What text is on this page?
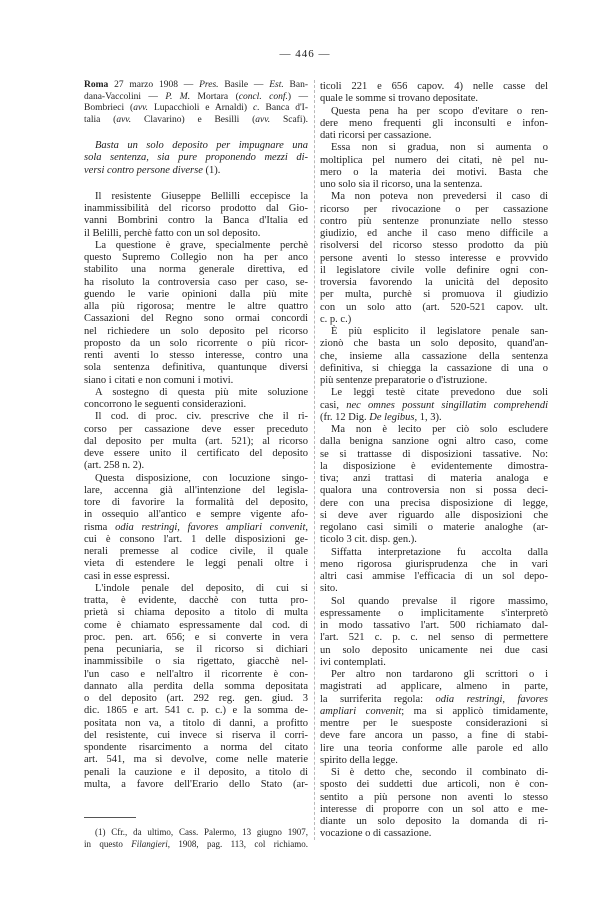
— 446 —
Roma 27 marzo 1908 — Pres. Basile — Est. Ban-
dana-Vaccolini — P. M. Mortara (concl. conf.) —
Bombrieci (avv. Lupacchioli e Arnaldi) c. Banca d'I-
talia (avv. Clavarino) e Besilli (avv. Scafi).
Basta un solo deposito per impugnare una
sola sentenza, sia pure proponendo mezzi di-
versi contro persone diverse (1).
Il resistente Giuseppe Bellilli eccepisce la
inammissibilità del ricorso prodotto dal Gio-
vanni Bombrini contro la Banca d'Italia ed
il Belilli, perchè fatto con un sol deposito.
La questione è grave, specialmente perchè
questo Supremo Collegio non ha per anco
stabilito una norma generale direttiva, ed
ha risoluto la controversia caso per caso, se-
guendo le varie opinioni dalla più mite
alla più rigorosa; mentre le altre quattro
Cassazioni del Regno sono ormai concordi
nel richiedere un solo deposito pel ricorso
proposto da un solo ricorrente o più ricor-
renti aventi lo stesso interesse, contro una
sola sentenza definitiva, quantunque diversi
siano i citati e non comuni i motivi.
A sostegno di questa più mite soluzione
concorrono le seguenti considerazioni.
Il cod. di proc. civ. prescrive che il ri-
corso per cassazione deve esser preceduto
dal deposito per multa (art. 521); al ricorso
deve essere unito il certificato del deposito
(art. 258 n. 2).
Questa disposizione, con locuzione singo-
lare, accenna già all'intenzione del legisla-
tore di favorire la formalità del deposito,
in ossequio all'antico e sempre vigente afo-
risma odia restringi, favores ampliari convenit,
cui è consono l'art. 1 delle disposizioni ge-
nerali premesse al codice civile, il quale
vieta di estendere le leggi penali oltre i
casi in esse espressi.
L'indole penale del deposito, di cui si
tratta, è evidente, dacchè con tutta pro-
prietà si chiama deposito a titolo di multa
come è chiamato espressamente dal cod. di
proc. pen. art. 656; e si converte in vera
pena pecuniaria, se il ricorso si dichiari
inammissibile o sia rigettato, giacchè nel-
l'un caso e nell'altro il ricorrente è con-
dannato alla perdita della somma depositata
o del deposito (art. 292 reg. gen. giud. 3
dic. 1865 e art. 541 c. p. c.) e la somma de-
positata non va, a titolo di danni, a profitto
del resistente, cui invece si riserva il corri-
spondente risarcimento a norma del citato
art. 541, ma si devolve, come nelle materie
penali la cauzione e il deposito, a titolo di
multa, a favore dell'Erario dello Stato (ar-
(1) Cfr., da ultimo, Cass. Palermo, 13 giugno 1907,
in questo Filangieri, 1908, pag. 113, col richiamo.
ticoli 221 e 656 capov. 4) nelle casse del
quale le somme si trovano depositate.
Questa pena ha per scopo d'evitare o ren-
dere meno frequenti gli inconsulti e infon-
dati ricorsi per cassazione.
Essa non si gradua, non si aumenta o
moltiplica pel numero dei citati, nè pel nu-
mero o la materia dei motivi. Basta che
uno solo sia il ricorso, una la sentenza.
Ma non poteva non prevedersi il caso di
ricorso per rivocazione o per cassazione
contro più sentenze pronunziate nello stesso
giudizio, ed anche il caso meno difficile a
risolversi del ricorso stesso prodotto da più
persone aventi lo stesso interesse e provvido
il legislatore civile volle definire ogni con-
troversia favorendo la unicità del deposito
per multa, purchè si promuova il giudizio
con un solo atto (art. 520-521 capov. ult.
c. p. c.)
È più esplicito il legislatore penale san-
zionò che basta un solo deposito, quand'an-
che, insieme alla cassazione della sentenza
definitiva, si chiegga la cassazione di una o
più sentenze preparatorie o d'istruzione.
Le leggi testè citate prevedono due soli
casi, nec omnes possunt singillatim comprehendi
(fr. 12 Dig. De legibus, 1, 3).
Ma non è lecito per ciò solo escludere
dalla benigna sanzione ogni altro caso, come
se si trattasse di disposizioni tassative. No:
la disposizione è evidentemente dimostra-
tiva; anzi trattasi di materia analoga e
qualora una controversia non si possa deci-
dere con una precisa disposizione di legge,
si deve aver riguardo alle disposizioni che
regolano casi simili o materie analoghe (ar-
ticolo 3 cit. disp. gen.).
Siffatta interpretazione fu accolta dalla
meno rigorosa giurisprudenza che in vari
altri casi ammise l'efficacia di un sol depo-
sito.
Sol quando prevalse il rigore massimo,
espressamente o implicitamente s'interpretò
in modo tassativo l'art. 500 richiamato dal-
l'art. 521 c. p. c. nel senso di permettere
un solo deposito unicamente nei due casi
ivi contemplati.
Per altro non tardarono gli scrittori o i
magistrati ad applicare, almeno in parte,
la surriferita regola: odia restringi, favores
ampliari convenit; ma si applicò timidamente,
mentre per le suesposte considerazioni si
deve fare ancora un passo, a fine di stabi-
lire una teoria conforme alle parole ed allo
spirito della legge.
Si è detto che, secondo il combinato di-
sposto dei suddetti due articoli, non è con-
sentito a più persone non aventi lo stesso
interesse di proporre con un sol atto e me-
diante un solo deposito la domanda di ri-
vocazione o di cassazione.
